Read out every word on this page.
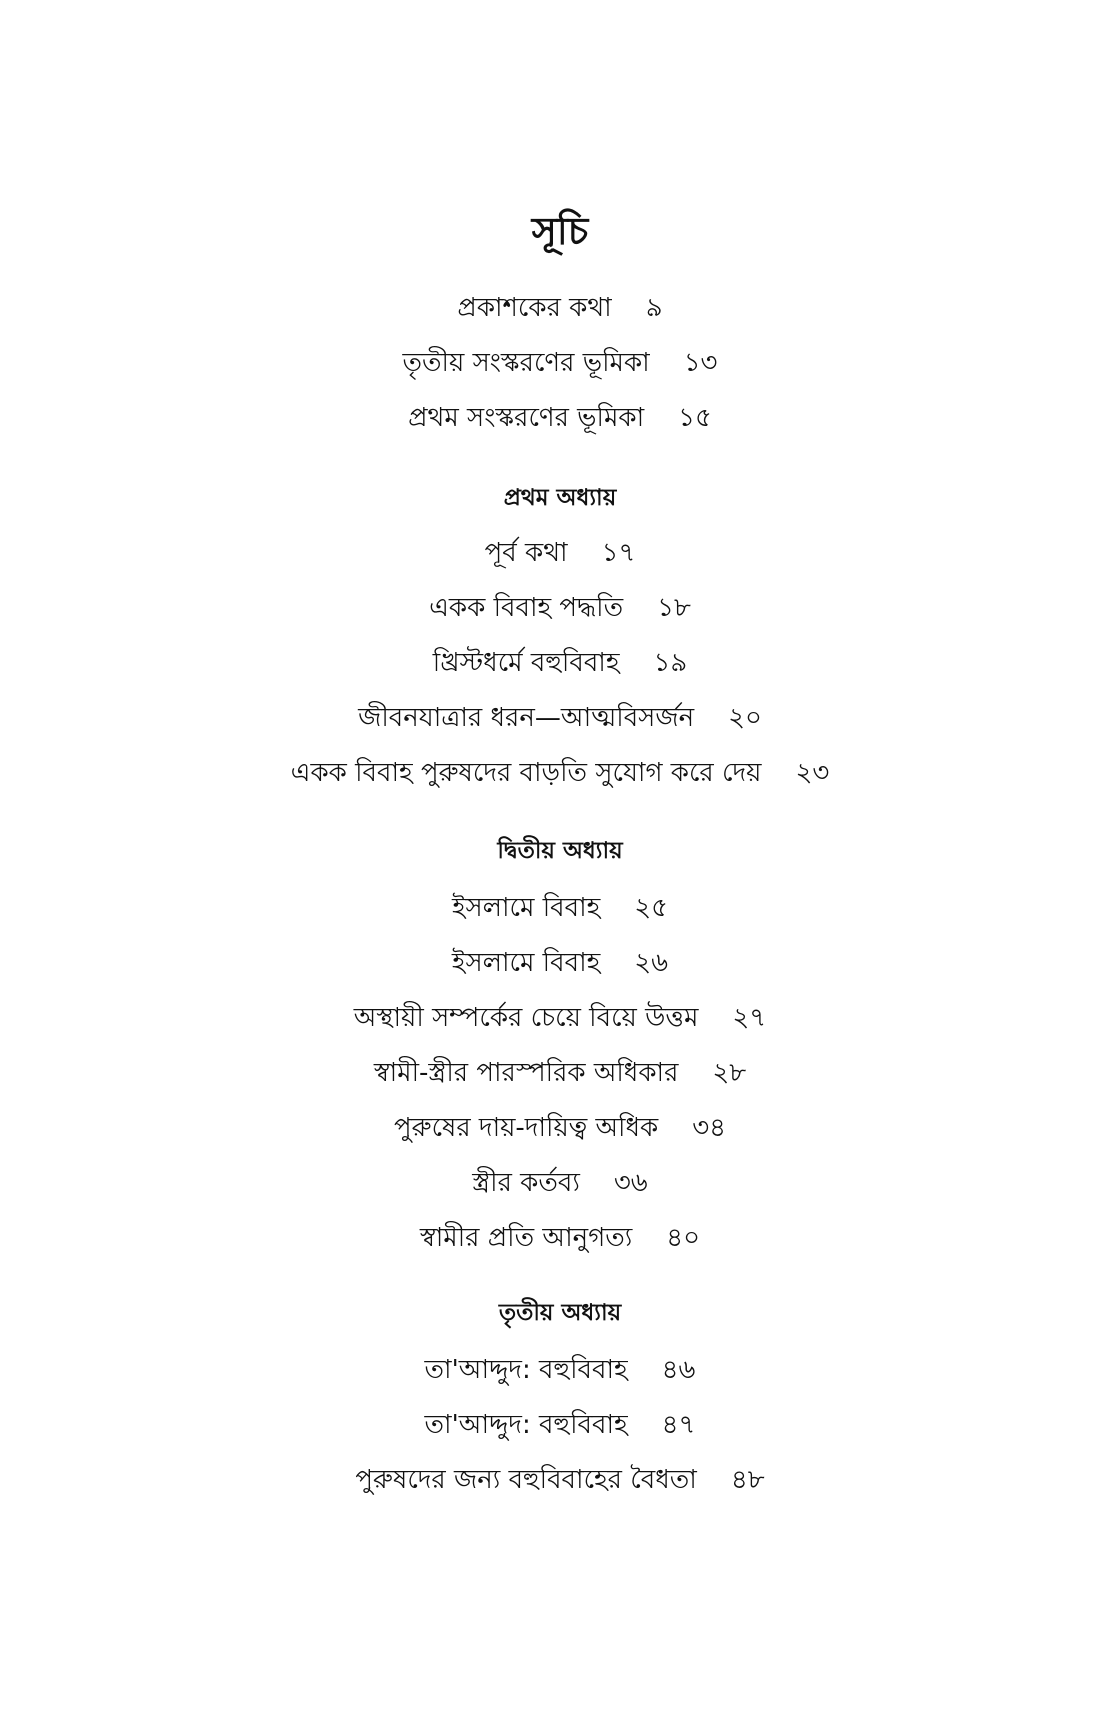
সূচি
প্রকাশকের কথা ৯
তৃতীয় সংস্করণের ভূমিকা ১৩
প্রথম সংস্করণের ভূমিকা ১৫
প্রথম অধ্যায়
পূর্ব কথা ১৭
একক বিবাহ পদ্ধতি ১৮
খ্রিস্টধর্মে বহুবিবাহ ১৯
জীবনযাত্রার ধরন—আত্মবিসর্জন ২০
একক বিবাহ পুরুষদের বাড়তি সুযোগ করে দেয় ২৩
দ্বিতীয় অধ্যায়
ইসলামে বিবাহ ২৫
ইসলামে বিবাহ ২৬
অস্থায়ী সম্পর্কের চেয়ে বিয়ে উত্তম ২৭
স্বামী-স্ত্রীর পারস্পরিক অধিকার ২৮
পুরুষের দায়-দায়িত্ব অধিক ৩৪
স্ত্রীর কর্তব্য ৩৬
স্বামীর প্রতি আনুগত্য ৪০
তৃতীয় অধ্যায়
তা'আদ্দুদ: বহুবিবাহ ৪৬
তা'আদ্দুদ: বহুবিবাহ ৪৭
পুরুষদের জন্য বহুবিবাহের বৈধতা ৪৮
